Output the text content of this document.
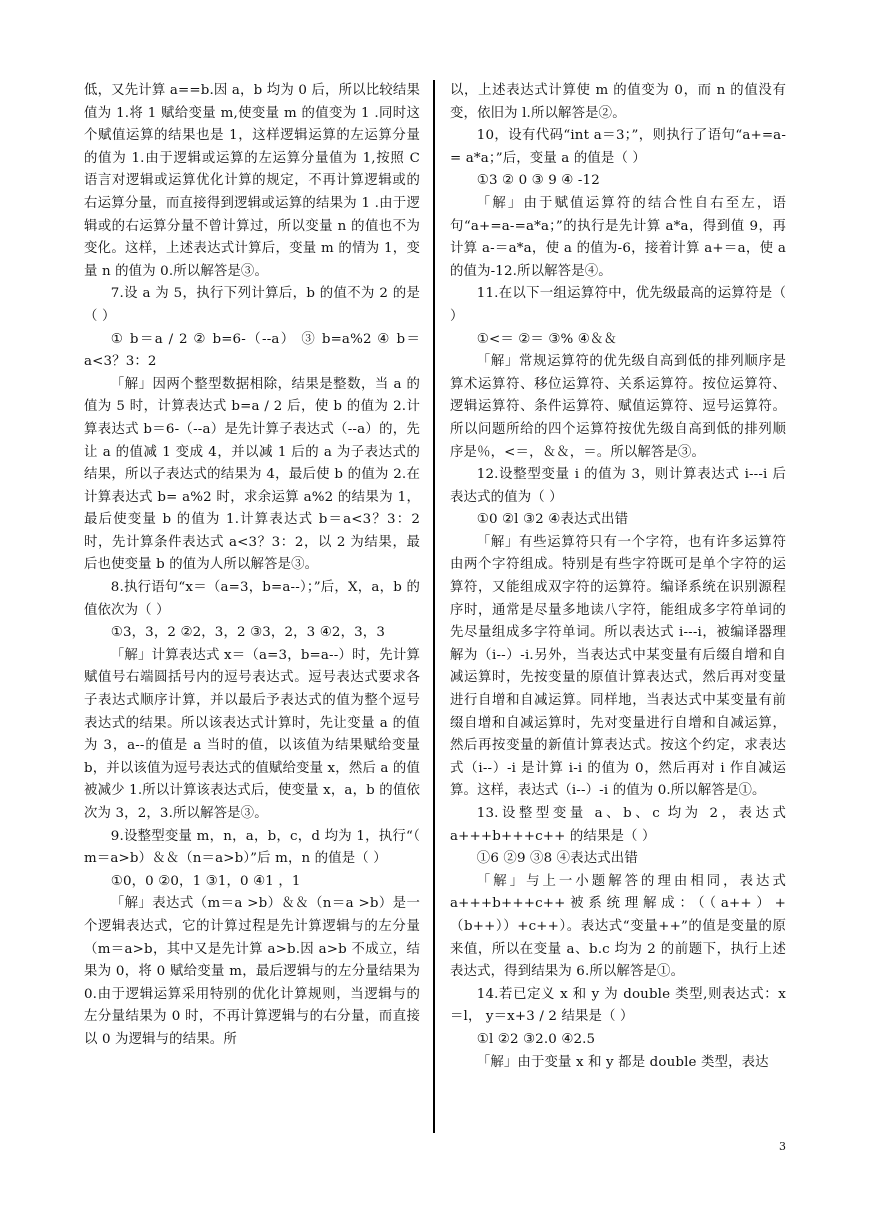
低，又先计算 a==b.因 a，b 均为 0 后，所以比较结果值为 1.将 1 赋给变量 m,使变量 m 的值变为 1 .同时这个赋值运算的结果也是 1，这样逻辑运算的左运算分量的值为 1.由于逻辑或运算的左运算分量值为 1,按照 C 语言对逻辑或运算优化计算的规定，不再计算逻辑或的右运算分量，而直接得到逻辑或运算的结果为 1 .由于逻辑或的右运算分量不曾计算过，所以变量 n 的值也不为变化。这样，上述表达式计算后，变量 m 的情为 1，变量 n 的值为 0.所以解答是③。

7.设 a 为 5，执行下列计算后，b 的值不为 2 的是（ ）

① b＝a / 2 ② b=6-（--a） ③ b=a%2 ④ b＝a<3？3：2

「解」因两个整型数据相除，结果是整数，当 a 的值为 5 时，计算表达式 b=a / 2 后，使 b 的值为 2.计算表达式 b＝6-（--a）是先计算子表达式（--a）的，先让 a 的值减 1 变成 4，并以减 1 后的 a 为子表达式的结果，所以子表达式的结果为 4，最后使 b 的值为 2.在计算表达式 b= a%2 时，求余运算 a%2 的结果为 1，最后使变量 b 的值为 1.计算表达式 b＝a<3？3：2 时，先计算条件表达式 a<3？3：2，以 2 为结果，最后也使变量 b 的值为人所以解答是③。

8.执行语句“x＝（a=3，b=a--）；”后，X，a，b 的值依次为（ ）

①3，3，2 ②2，3，2 ③3，2，3 ④2，3，3

「解」计算表达式 x＝（a=3，b=a--）时，先计算赋值号右端圆括号内的逗号表达式。逗号表达式要求各子表达式顺序计算，并以最后予表达式的值为整个逗号表达式的结果。所以该表达式计算时，先让变量 a 的值为 3，a--的值是 a 当时的值，以该值为结果赋给变量 b，并以该值为逗号表达式的值赋给变量 x，然后 a 的值被减少 1.所以计算该表达式后，使变量 x，a，b 的值依次为 3，2，3.所以解答是③。

9.设整型变量 m，n，a，b，c，d 均为 1，执行“（ m＝a>b）＆＆（n＝a>b）”后 m，n 的值是（ ）

①0，0 ②0，1 ③1，0 ④1 ，1

「解」表达式（m＝a >b）＆＆（n＝a >b）是一个逻辑表达式，它的计算过程是先计算逻辑与的左分量（m＝a>b，其中又是先计算 a>b.因 a>b 不成立，结果为 0，将 0 赋给变量 m，最后逻辑与的左分量结果为 0.由于逻辑运算采用特别的优化计算规则，当逻辑与的左分量结果为 0 时，不再计算逻辑与的右分量，而直接以 0 为逻辑与的结果。所

以，上述表达式计算使 m 的值变为 0，而 n 的值没有变，依旧为 l.所以解答是②。

10，设有代码“int a＝3；”，则执行了语句“a+=a-= a*a；”后，变量 a 的值是（ ）

①3 ② 0 ③ 9 ④ -12

「解」由于赋值运算符的结合性自右至左，语句“a+=a-=a*a；”的执行是先计算 a*a，得到值 9，再计算 a-＝a*a，使 a 的值为-6，接着计算 a+＝a，使 a 的值为-12.所以解答是④。

11.在以下一组运算符中，优先级最高的运算符是（ ）

①<＝ ②＝ ③% ④＆＆

「解」常规运算符的优先级自高到低的排列顺序是算术运算符、移位运算符、关系运算符。按位运算符、逻辑运算符、条件运算符、赋值运算符、逗号运算符。所以问题所给的四个运算符按优先级自高到低的排列顺序是％，<＝，＆＆，＝。所以解答是③。

12.设整型变量 i 的值为 3，则计算表达式 i---i 后表达式的值为（ ）

①0 ②l ③2 ④表达式出错

「解」有些运算符只有一个字符，也有许多运算符由两个字符组成。特别是有些字符既可是单个字符的运算符，又能组成双字符的运算符。编译系统在识别源程序时，通常是尽量多地读八字符，能组成多字符单词的先尽量组成多字符单词。所以表达式 i---i，被编译器理解为（i--）-i.另外，当表达式中某变量有后缀自增和自减运算时，先按变量的原值计算表达式，然后再对变量进行自增和自减运算。同样地，当表达式中某变量有前缀自增和自减运算时，先对变量进行自增和自减运算，然后再按变量的新值计算表达式。按这个约定，求表达式（i--）-i 是计算 i-i 的值为 0，然后再对 i 作自减运算。这样，表达式（i--）-i 的值为 0.所以解答是①。

13.设整型变量 a、b、c 均为 2，表达式 a+++b+++c++ 的结果是（ ）

①6 ②9 ③8 ④表达式出错

「解」与上一小题解答的理由相同，表达式 a+++b+++c++被系统理解成：（（a++）+（b++））+c++）。表达式“变量++”的值是变量的原来值，所以在变量 a、b.c 均为 2 的前题下，执行上述表达式，得到结果为 6.所以解答是①。

14.若已定义 x 和 y 为 double 类型,则表达式：x＝l， y＝x+3 / 2 结果是（ ）

①l ②2 ③2.0 ④2.5

「解」由于变量 x 和 y 都是 double 类型，表达

3
